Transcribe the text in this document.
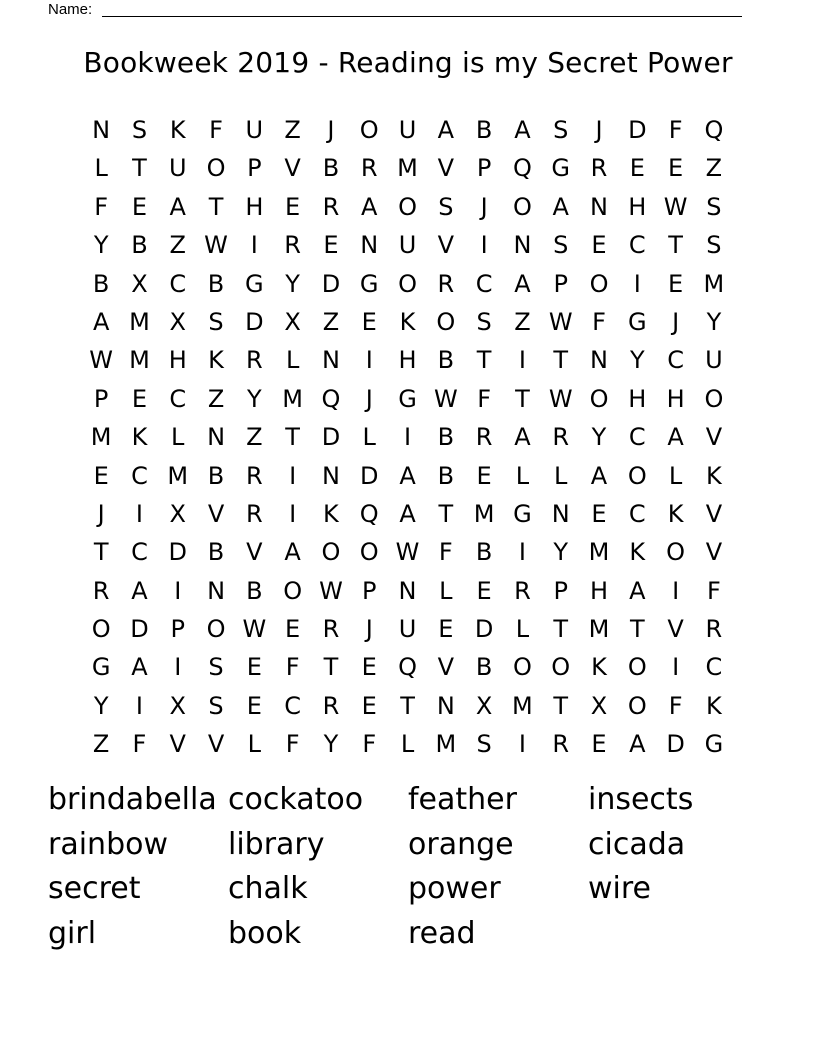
Name:
Bookweek 2019 - Reading is my Secret Power
N S K F U Z	J	O U A B A S	J	D F Q
L	T U O P V B R M V P Q G R E E Z
F E A T H E R A O S	J	O A N H W S
Y B Z W I	R E N U V	I	N S E C T S
B X C B G Y D G O R C A P O	I	E M
A M X S D X Z E K O S Z W F G	J	Y
W M H K R L N	I	H B T	I	T N Y C U
P E C Z Y M Q	J	G W F	T W O H H O
M K L N Z T D L	I	B R A R Y C A V
E C M B R	I	N D A B E	L	L A O L K
J	I	X V R	I	K Q A T M G N E C K V
T C D B V A O O W F B	I	Y M K O V
R A	I	N B O W P N L	E R P H A	I	F
O D P O W E R	J	U E D L	T M T V R
G A	I	S E F	T E Q V B O O K O	I	C
Y	I	X S E C R E T N X M T X O F K
Z F V V L	F	Y	F	L M S	I	R E A D G
brindabella cockatoo	feather	insects
rainbow	library	orange	cicada
secret	chalk	power	wire
girl	book	read
